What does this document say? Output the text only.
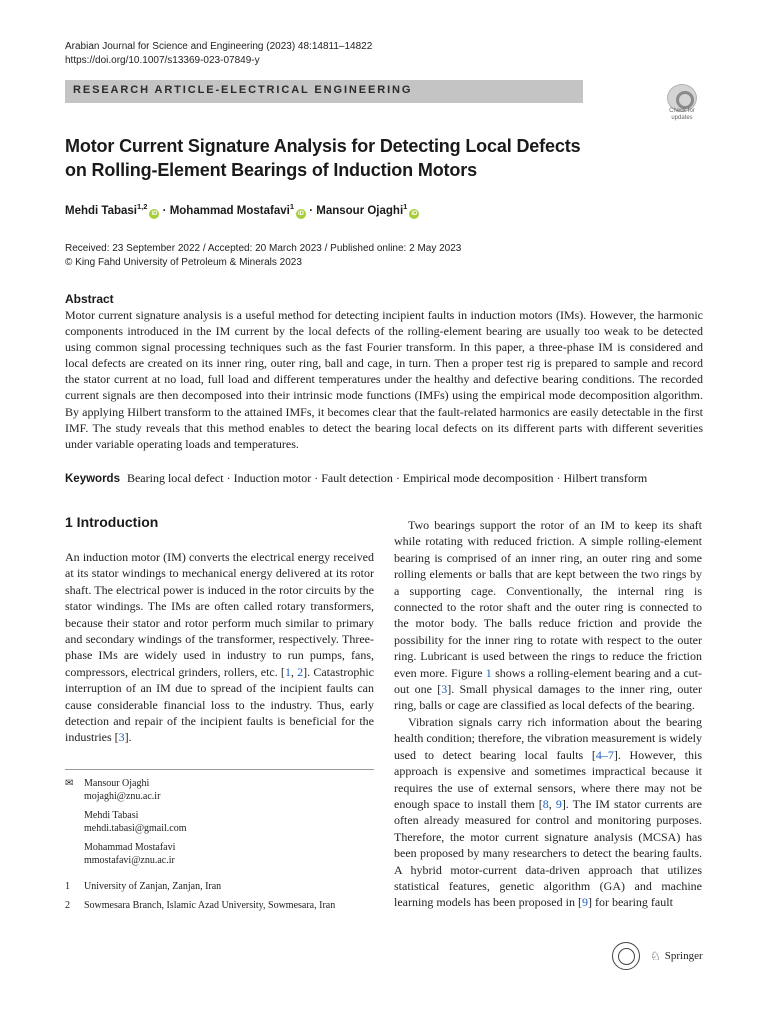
Arabian Journal for Science and Engineering (2023) 48:14811–14822
https://doi.org/10.1007/s13369-023-07849-y
RESEARCH ARTICLE-ELECTRICAL ENGINEERING
Check for
updates
Motor Current Signature Analysis for Detecting Local Defects
on Rolling-Element Bearings of Induction Motors
Mehdi Tabasi$^{1,2}$iD · Mohammad Mostafavi$^1$iD · Mansour Ojaghi$^1$iD
Received: 23 September 2022 / Accepted: 20 March 2023 / Published online: 2 May 2023
© King Fahd University of Petroleum & Minerals 2023
Abstract
Motor current signature analysis is a useful method for detecting incipient faults in induction motors (IMs). However, the harmonic components introduced in the IM current by the local defects of the rolling-element bearing are usually too weak to be detected using common signal processing techniques such as the fast Fourier transform. In this paper, a three-phase IM is considered and local defects are created on its inner ring, outer ring, ball and cage, in turn. Then a proper test rig is prepared to sample and record the stator current at no load, full load and different temperatures under the healthy and defective bearing conditions. The recorded current signals are then decomposed into their intrinsic mode functions (IMFs) using the empirical mode decomposition algorithm. By applying Hilbert transform to the attained IMFs, it becomes clear that the fault-related harmonics are easily detectable in the first IMF. The study reveals that this method enables to detect the bearing local defects on its different parts with different severities under variable operating loads and temperatures.
Keywords Bearing local defect · Induction motor · Fault detection · Empirical mode decomposition · Hilbert transform
1 Introduction

An induction motor (IM) converts the electrical energy received at its stator windings to mechanical energy delivered at its rotor shaft. The electrical power is induced in the rotor circuits by the stator windings. The IMs are often called rotary transformers, because their stator and rotor perform much similar to primary and secondary windings of the transformer, respectively. Three-phase IMs are widely used in industry to run pumps, fans, compressors, electrical grinders, rollers, etc. [1, 2]. Catastrophic interruption of an IM due to spread of the incipient faults can cause considerable financial loss to the industry. Thus, early detection and repair of the incipient faults is beneficial for the industries [3].

✉ Mansour Ojaghi
mojaghi@znu.ac.ir
Mehdi Tabasi
mehdi.tabasi@gmail.com
Mohammad Mostafavi
mmostafavi@znu.ac.ir
1 University of Zanjan, Zanjan, Iran
2 Sowmesara Branch, Islamic Azad University, Sowmesara, Iran

Two bearings support the rotor of an IM to keep its shaft while rotating with reduced friction. A simple rolling-element bearing is comprised of an inner ring, an outer ring and some rolling elements or balls that are kept between the two rings by a supporting cage. Conventionally, the internal ring is connected to the rotor shaft and the outer ring is connected to the motor body. The balls reduce friction and provide the possibility for the inner ring to rotate with respect to the outer ring. Lubricant is used between the rings to reduce the friction even more. Figure 1 shows a rolling-element bearing and a cut-out one [3]. Small physical damages to the inner ring, outer ring, balls or cage are classified as local defects of the bearing.

Vibration signals carry rich information about the bearing health condition; therefore, the vibration measurement is widely used to detect bearing local faults [4–7]. However, this approach is expensive and sometimes impractical because it requires the use of external sensors, where there may not be enough space to install them [8, 9]. The IM stator currents are often already measured for control and monitoring purposes. Therefore, the motor current signature analysis (MCSA) has been proposed by many researchers to detect the bearing faults. A hybrid motor-current data-driven approach that utilizes statistical features, genetic algorithm (GA) and machine learning models has been proposed in [9] for bearing fault

♘ Springer
